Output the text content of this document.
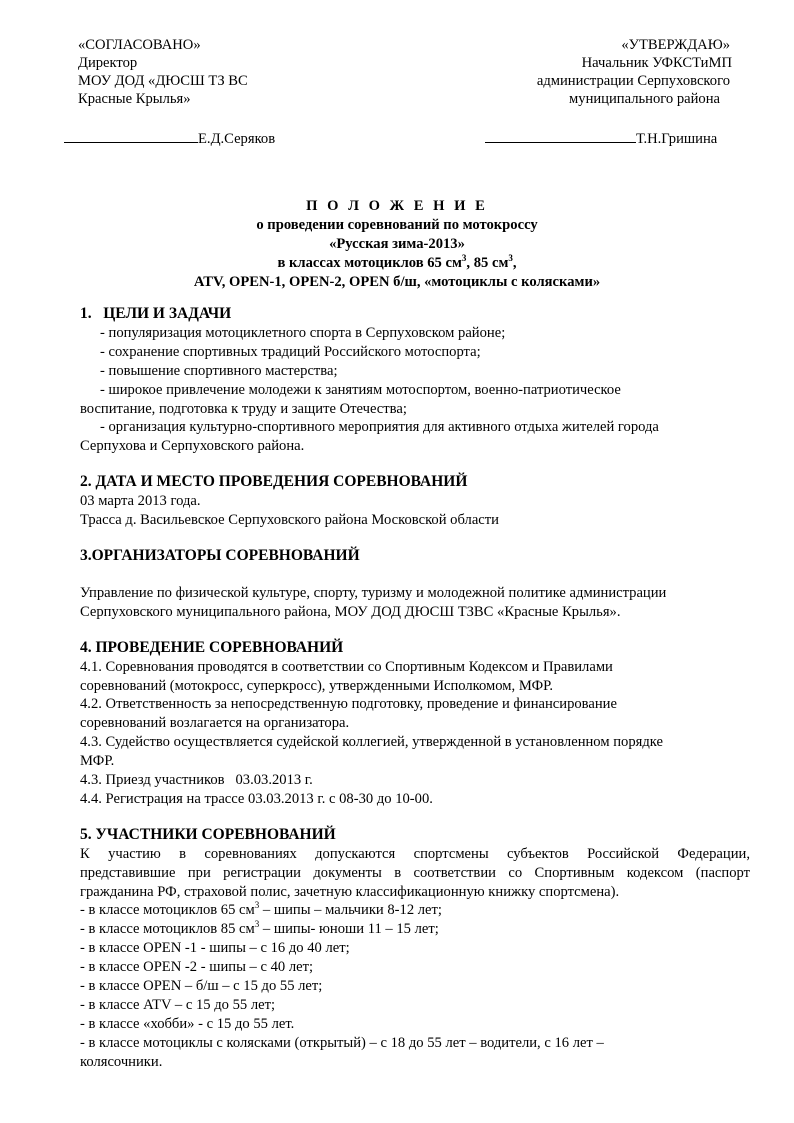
«СОГЛАСОВАНО»
Директор
МОУ ДОД «ДЮСШ ТЗ ВС
Красные Крылья»
«УТВЕРЖДАЮ»
Начальник УФКСТиМП
администрации Серпуховского
муниципального района
Е.Д.Серяков	Т.Н.Гришина
П О Л О Ж Е Н И Е
о проведении соревнований по мотокроссу
«Русская зима-2013»
в классах мотоциклов 65 $см^3$, 85 $см^3$,
ATV, OPEN-1, OPEN-2, OPEN б/ш, «мотоциклы с колясками»
1.   ЦЕЛИ И ЗАДАЧИ
- популяризация мотоциклетного спорта в Серпуховском районе;
- сохранение спортивных традиций Российского мотоспорта;
- повышение спортивного мастерства;
- широкое привлечение молодежи к занятиям мотоспортом, военно-патриотическое
воспитание, подготовка к труду и защите Отечества;
- организация культурно-спортивного мероприятия для активного отдыха жителей города
Серпухова и Серпуховского района.
2. ДАТА И МЕСТО ПРОВЕДЕНИЯ СОРЕВНОВАНИЙ
03 марта 2013 года.
Трасса д. Васильевское Серпуховского района Московской области
3.ОРГАНИЗАТОРЫ СОРЕВНОВАНИЙ
Управление по физической культуре, спорту, туризму и молодежной политике администрации
Серпуховского муниципального района, МОУ ДОД ДЮСШ ТЗВС «Красные Крылья».
4. ПРОВЕДЕНИЕ СОРЕВНОВАНИЙ
4.1. Соревнования проводятся в соответствии со Спортивным Кодексом и Правилами
соревнований (мотокросс, суперкросс), утвержденными Исполкомом, МФР.
4.2. Ответственность за непосредственную подготовку, проведение и финансирование
соревнований возлагается на организатора.
4.3. Судейство осуществляется судейской коллегией, утвержденной в установленном порядке
МФР.
4.3. Приезд участников   03.03.2013 г.
4.4. Регистрация на трассе 03.03.2013 г. с 08-30 до 10-00.
5. УЧАСТНИКИ СОРЕВНОВАНИЙ
К участию в соревнованиях допускаются спортсмены субъектов Российской Федерации,
представившие при регистрации документы в соответствии со Спортивным кодексом (паспорт
гражданина РФ, страховой полис, зачетную классификационную книжку спортсмена).
- в классе мотоциклов 65 $см^3$ – шипы – мальчики 8-12 лет;
- в классе мотоциклов 85 $см^3$ – шипы- юноши 11 – 15 лет;
- в классе OPEN -1 - шипы – с 16 до 40 лет;
- в классе OPEN -2 - шипы – с 40 лет;
- в классе OPEN – б/ш – с 15 до 55 лет;
- в классе ATV – с 15 до 55 лет;
- в классе «хобби» - с 15 до 55 лет.
- в классе мотоциклы с колясками (открытый) – с 18 до 55 лет – водители, с 16 лет –
колясочники.
